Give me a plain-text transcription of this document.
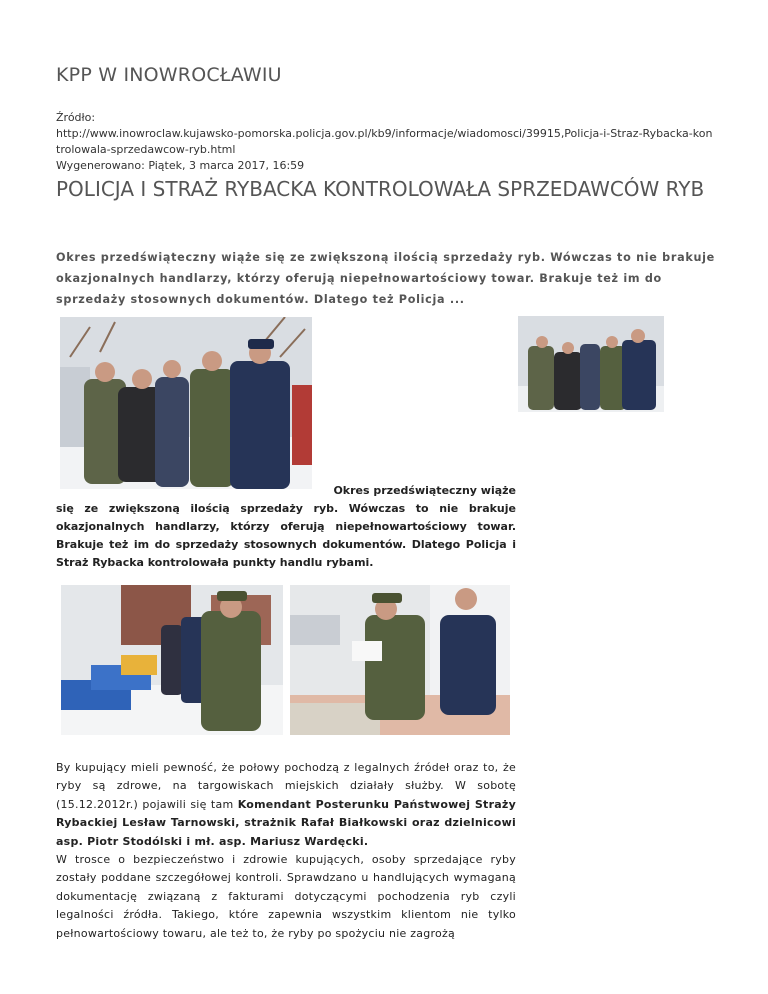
KPP W INOWROCŁAWIU
Źródło:
http://www.inowroclaw.kujawsko-pomorska.policja.gov.pl/kb9/informacje/wiadomosci/39915,Policja-i-Straz-Rybacka-kontrolowala-sprzedawcow-ryb.html
Wygenerowano: Piątek, 3 marca 2017, 16:59
POLICJA I STRAŻ RYBACKA KONTROLOWAŁA SPRZEDAWCÓW RYB
Okres przedświąteczny wiąże się ze zwiększoną ilością sprzedaży ryb. Wówczas to nie brakuje okazjonalnych handlarzy, którzy oferują niepełnowartościowy towar. Brakuje też im do sprzedaży stosownych dokumentów. Dlatego też Policja ...
Okres przedświąteczny wiąże
się ze zwiększoną ilością sprzedaży ryb. Wówczas to nie brakuje okazjonalnych handlarzy, którzy oferują niepełnowartościowy towar. Brakuje też im do sprzedaży stosownych dokumentów. Dlatego Policja i Straż Rybacka kontrolowała punkty handlu rybami.
By kupujący mieli pewność, że połowy pochodzą z legalnych źródeł oraz to, że ryby są zdrowe, na targowiskach miejskich działały służby. W sobotę (15.12.2012r.) pojawili się tam Komendant Posterunku Państwowej Straży Rybackiej Lesław Tarnowski, strażnik Rafał Białkowski oraz dzielnicowi asp. Piotr Stodólski i mł. asp. Mariusz Wardęcki.
W trosce o bezpieczeństwo i zdrowie kupujących, osoby sprzedające ryby zostały poddane szczegółowej kontroli. Sprawdzano u handlujących wymaganą dokumentację związaną z fakturami dotyczącymi pochodzenia ryb czyli legalności źródła. Takiego, które zapewnia wszystkim klientom nie tylko pełnowartościowy towaru, ale też to, że ryby po spożyciu nie zagrożą
